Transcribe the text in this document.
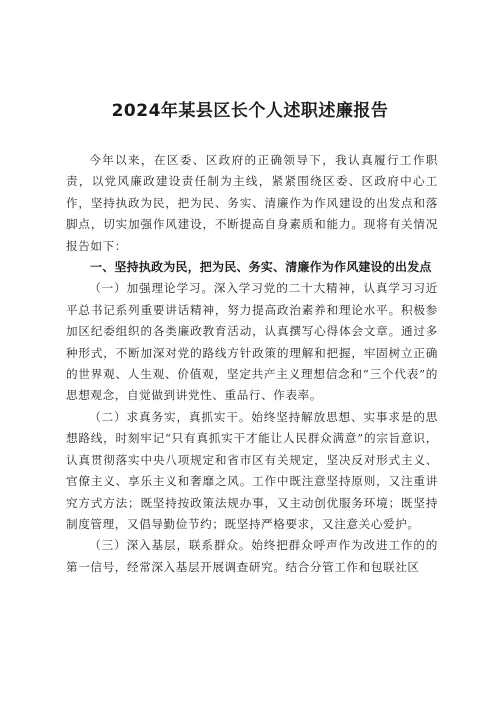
2024年某县区长个人述职述廉报告

今年以来，在区委、区政府的正确领导下，我认真履行工作职责，以党风廉政建设责任制为主线，紧紧围绕区委、区政府中心工作，坚持执政为民，把为民、务实、清廉作为作风建设的出发点和落脚点，切实加强作风建设，不断提高自身素质和能力。现将有关情况报告如下：

一、坚持执政为民，把为民、务实、清廉作为作风建设的出发点

（一）加强理论学习。深入学习党的二十大精神，认真学习习近平总书记系列重要讲话精神，努力提高政治素养和理论水平。积极参加区纪委组织的各类廉政教育活动，认真撰写心得体会文章。通过多种形式，不断加深对党的路线方针政策的理解和把握，牢固树立正确的世界观、人生观、价值观，坚定共产主义理想信念和“三个代表”的思想观念，自觉做到讲党性、重品行、作表率。

（二）求真务实，真抓实干。始终坚持解放思想、实事求是的思想路线，时刻牢记“只有真抓实干才能让人民群众满意”的宗旨意识，认真贯彻落实中央八项规定和省市区有关规定，坚决反对形式主义、官僚主义、享乐主义和奢靡之风。工作中既注意坚持原则，又注重讲究方式方法；既坚持按政策法规办事，又主动创优服务环境；既坚持制度管理，又倡导勤俭节约；既坚持严格要求，又注意关心爱护。

（三）深入基层，联系群众。始终把群众呼声作为改进工作的的第一信号，经常深入基层开展调查研究。结合分管工作和包联社区
